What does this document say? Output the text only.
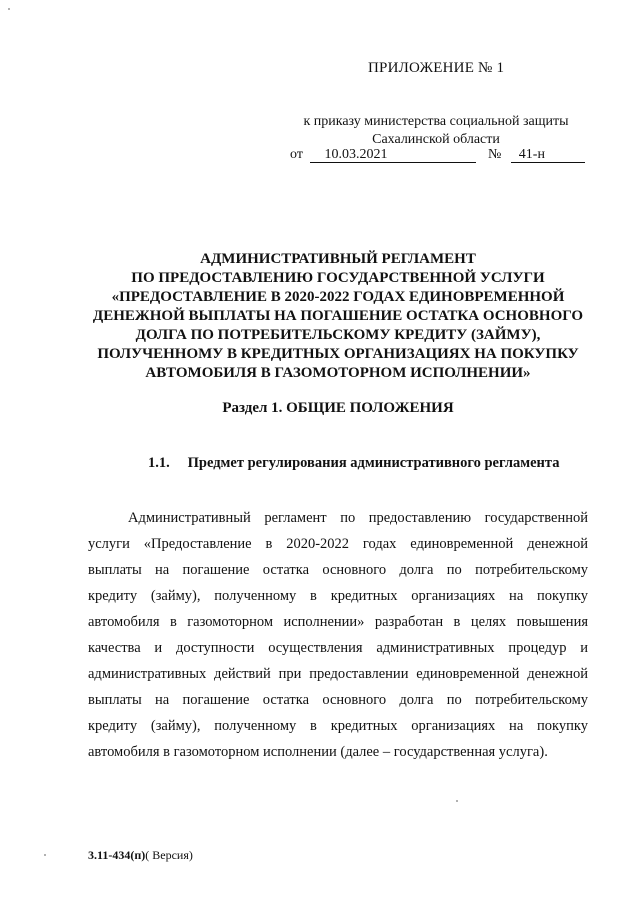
ПРИЛОЖЕНИЕ № 1
к приказу министерства социальной защиты
Сахалинской области
от 10.03.2021	№ 41-н
АДМИНИСТРАТИВНЫЙ РЕГЛАМЕНТ
ПО ПРЕДОСТАВЛЕНИЮ ГОСУДАРСТВЕННОЙ УСЛУГИ
«ПРЕДОСТАВЛЕНИЕ В 2020-2022 ГОДАХ ЕДИНОВРЕМЕННОЙ
ДЕНЕЖНОЙ ВЫПЛАТЫ НА ПОГАШЕНИЕ ОСТАТКА ОСНОВНОГО
ДОЛГА ПО ПОТРЕБИТЕЛЬСКОМУ КРЕДИТУ (ЗАЙМУ),
ПОЛУЧЕННОМУ В КРЕДИТНЫХ ОРГАНИЗАЦИЯХ НА ПОКУПКУ
АВТОМОБИЛЯ В ГАЗОМОТОРНОМ ИСПОЛНЕНИИ»
Раздел 1. ОБЩИЕ ПОЛОЖЕНИЯ
1.1. Предмет регулирования административного регламента
Административный регламент по предоставлению государственной
услуги «Предоставление в 2020-2022 годах единовременной денежной
выплаты на погашение остатка основного долга по потребительскому
кредиту (займу), полученному в кредитных организациях на покупку
автомобиля в газомоторном исполнении» разработан в целях повышения
качества и доступности осуществления административных процедур и
административных действий при предоставлении единовременной денежной
выплаты на погашение остатка основного долга по потребительскому
кредиту (займу), полученному в кредитных организациях на покупку
автомобиля в газомоторном исполнении (далее – государственная услуга).
3.11-434(п)( Версия)
